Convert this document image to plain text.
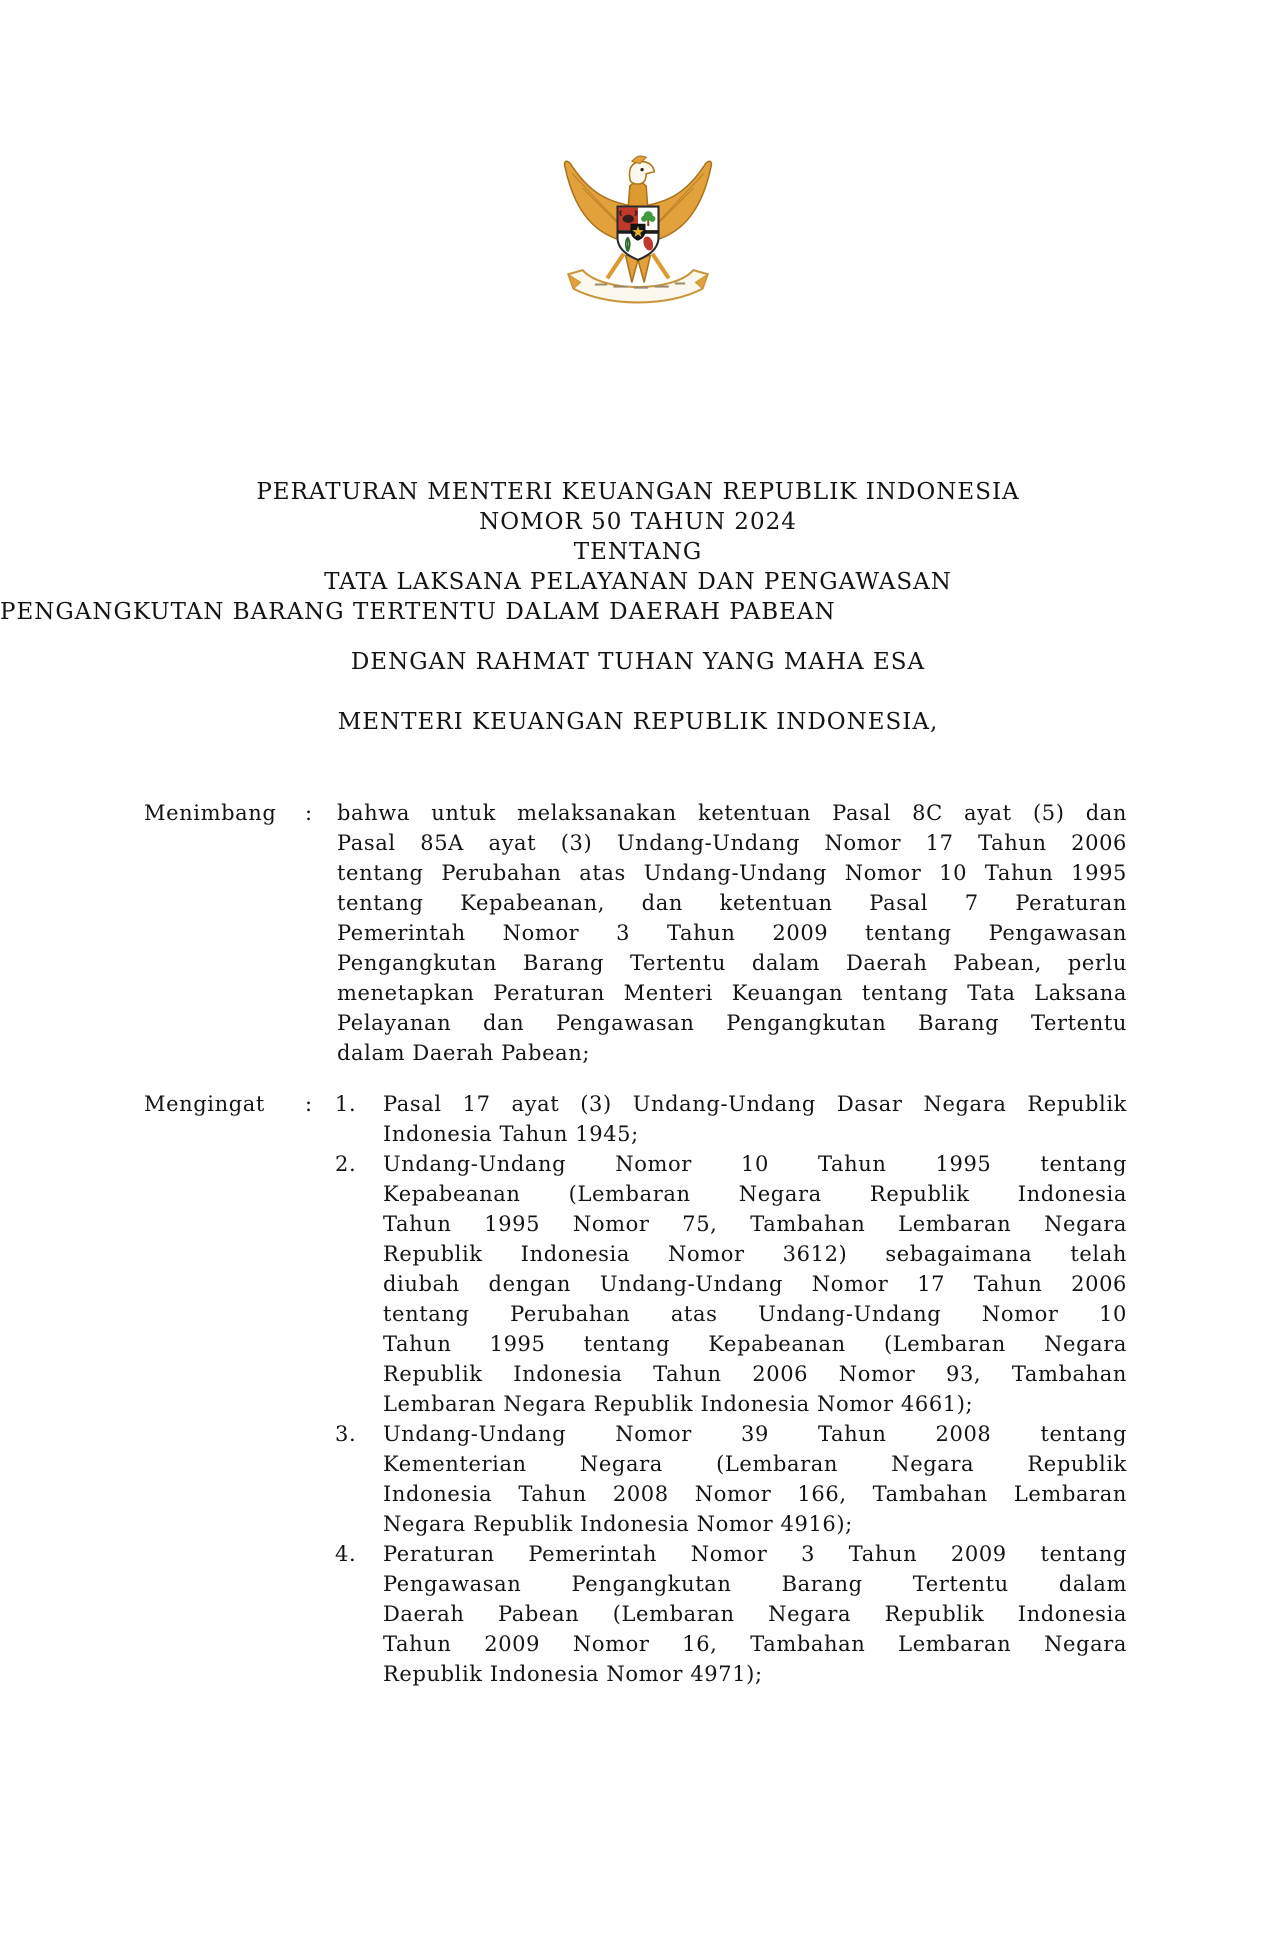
PERATURAN MENTERI KEUANGAN REPUBLIK INDONESIA
NOMOR 50 TAHUN 2024
TENTANG
TATA LAKSANA PELAYANAN DAN PENGAWASAN
PENGANGKUTAN BARANG TERTENTU DALAM DAERAH PABEAN
DENGAN RAHMAT TUHAN YANG MAHA ESA
MENTERI KEUANGAN REPUBLIK INDONESIA,
Menimbang : bahwa untuk melaksanakan ketentuan Pasal 8C ayat (5) dan
Pasal 85A ayat (3) Undang-Undang Nomor 17 Tahun 2006
tentang Perubahan atas Undang-Undang Nomor 10 Tahun 1995
tentang Kepabeanan, dan ketentuan Pasal 7 Peraturan
Pemerintah Nomor 3 Tahun 2009 tentang Pengawasan
Pengangkutan Barang Tertentu dalam Daerah Pabean, perlu
menetapkan Peraturan Menteri Keuangan tentang Tata Laksana
Pelayanan dan Pengawasan Pengangkutan Barang Tertentu
dalam Daerah Pabean;
Mengingat : 1. Pasal 17 ayat (3) Undang-Undang Dasar Negara Republik
Indonesia Tahun 1945;
2. Undang-Undang Nomor 10 Tahun 1995 tentang
Kepabeanan (Lembaran Negara Republik Indonesia
Tahun 1995 Nomor 75, Tambahan Lembaran Negara
Republik Indonesia Nomor 3612) sebagaimana telah
diubah dengan Undang-Undang Nomor 17 Tahun 2006
tentang Perubahan atas Undang-Undang Nomor 10
Tahun 1995 tentang Kepabeanan (Lembaran Negara
Republik Indonesia Tahun 2006 Nomor 93, Tambahan
Lembaran Negara Republik Indonesia Nomor 4661);
3. Undang-Undang Nomor 39 Tahun 2008 tentang
Kementerian Negara (Lembaran Negara Republik
Indonesia Tahun 2008 Nomor 166, Tambahan Lembaran
Negara Republik Indonesia Nomor 4916);
4. Peraturan Pemerintah Nomor 3 Tahun 2009 tentang
Pengawasan Pengangkutan Barang Tertentu dalam
Daerah Pabean (Lembaran Negara Republik Indonesia
Tahun 2009 Nomor 16, Tambahan Lembaran Negara
Republik Indonesia Nomor 4971);
